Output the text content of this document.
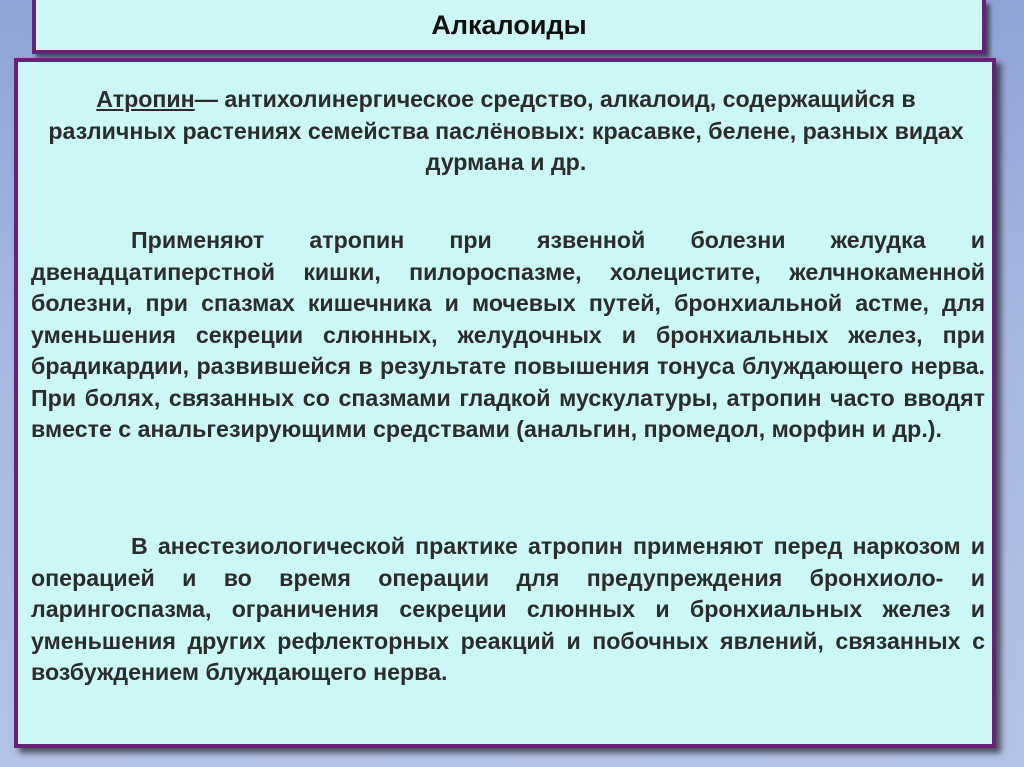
Алкалоиды
Атропин— антихолинергическое средство, алкалоид, содержащийся в различных растениях семейства паслёновых: красавке, белене, разных видах дурмана и др.
Применяют атропин при язвенной болезни желудка и двенадцатиперстной кишки, пилороспазме, холецистите, желчнокаменной болезни, при спазмах кишечника и мочевых путей, бронхиальной астме, для уменьшения секреции слюнных, желудочных и бронхиальных желез, при брадикардии, развившейся в результате повышения тонуса блуждающего нерва. При болях, связанных со спазмами гладкой мускулатуры, атропин часто вводят вместе с анальгезирующими средствами (анальгин, промедол, морфин и др.).
В анестезиологической практике атропин применяют перед наркозом и операцией и во время операции для предупреждения бронхиоло- и ларингоспазма, ограничения секреции слюнных и бронхиальных желез и уменьшения других рефлекторных реакций и побочных явлений, связанных с возбуждением блуждающего нерва.
